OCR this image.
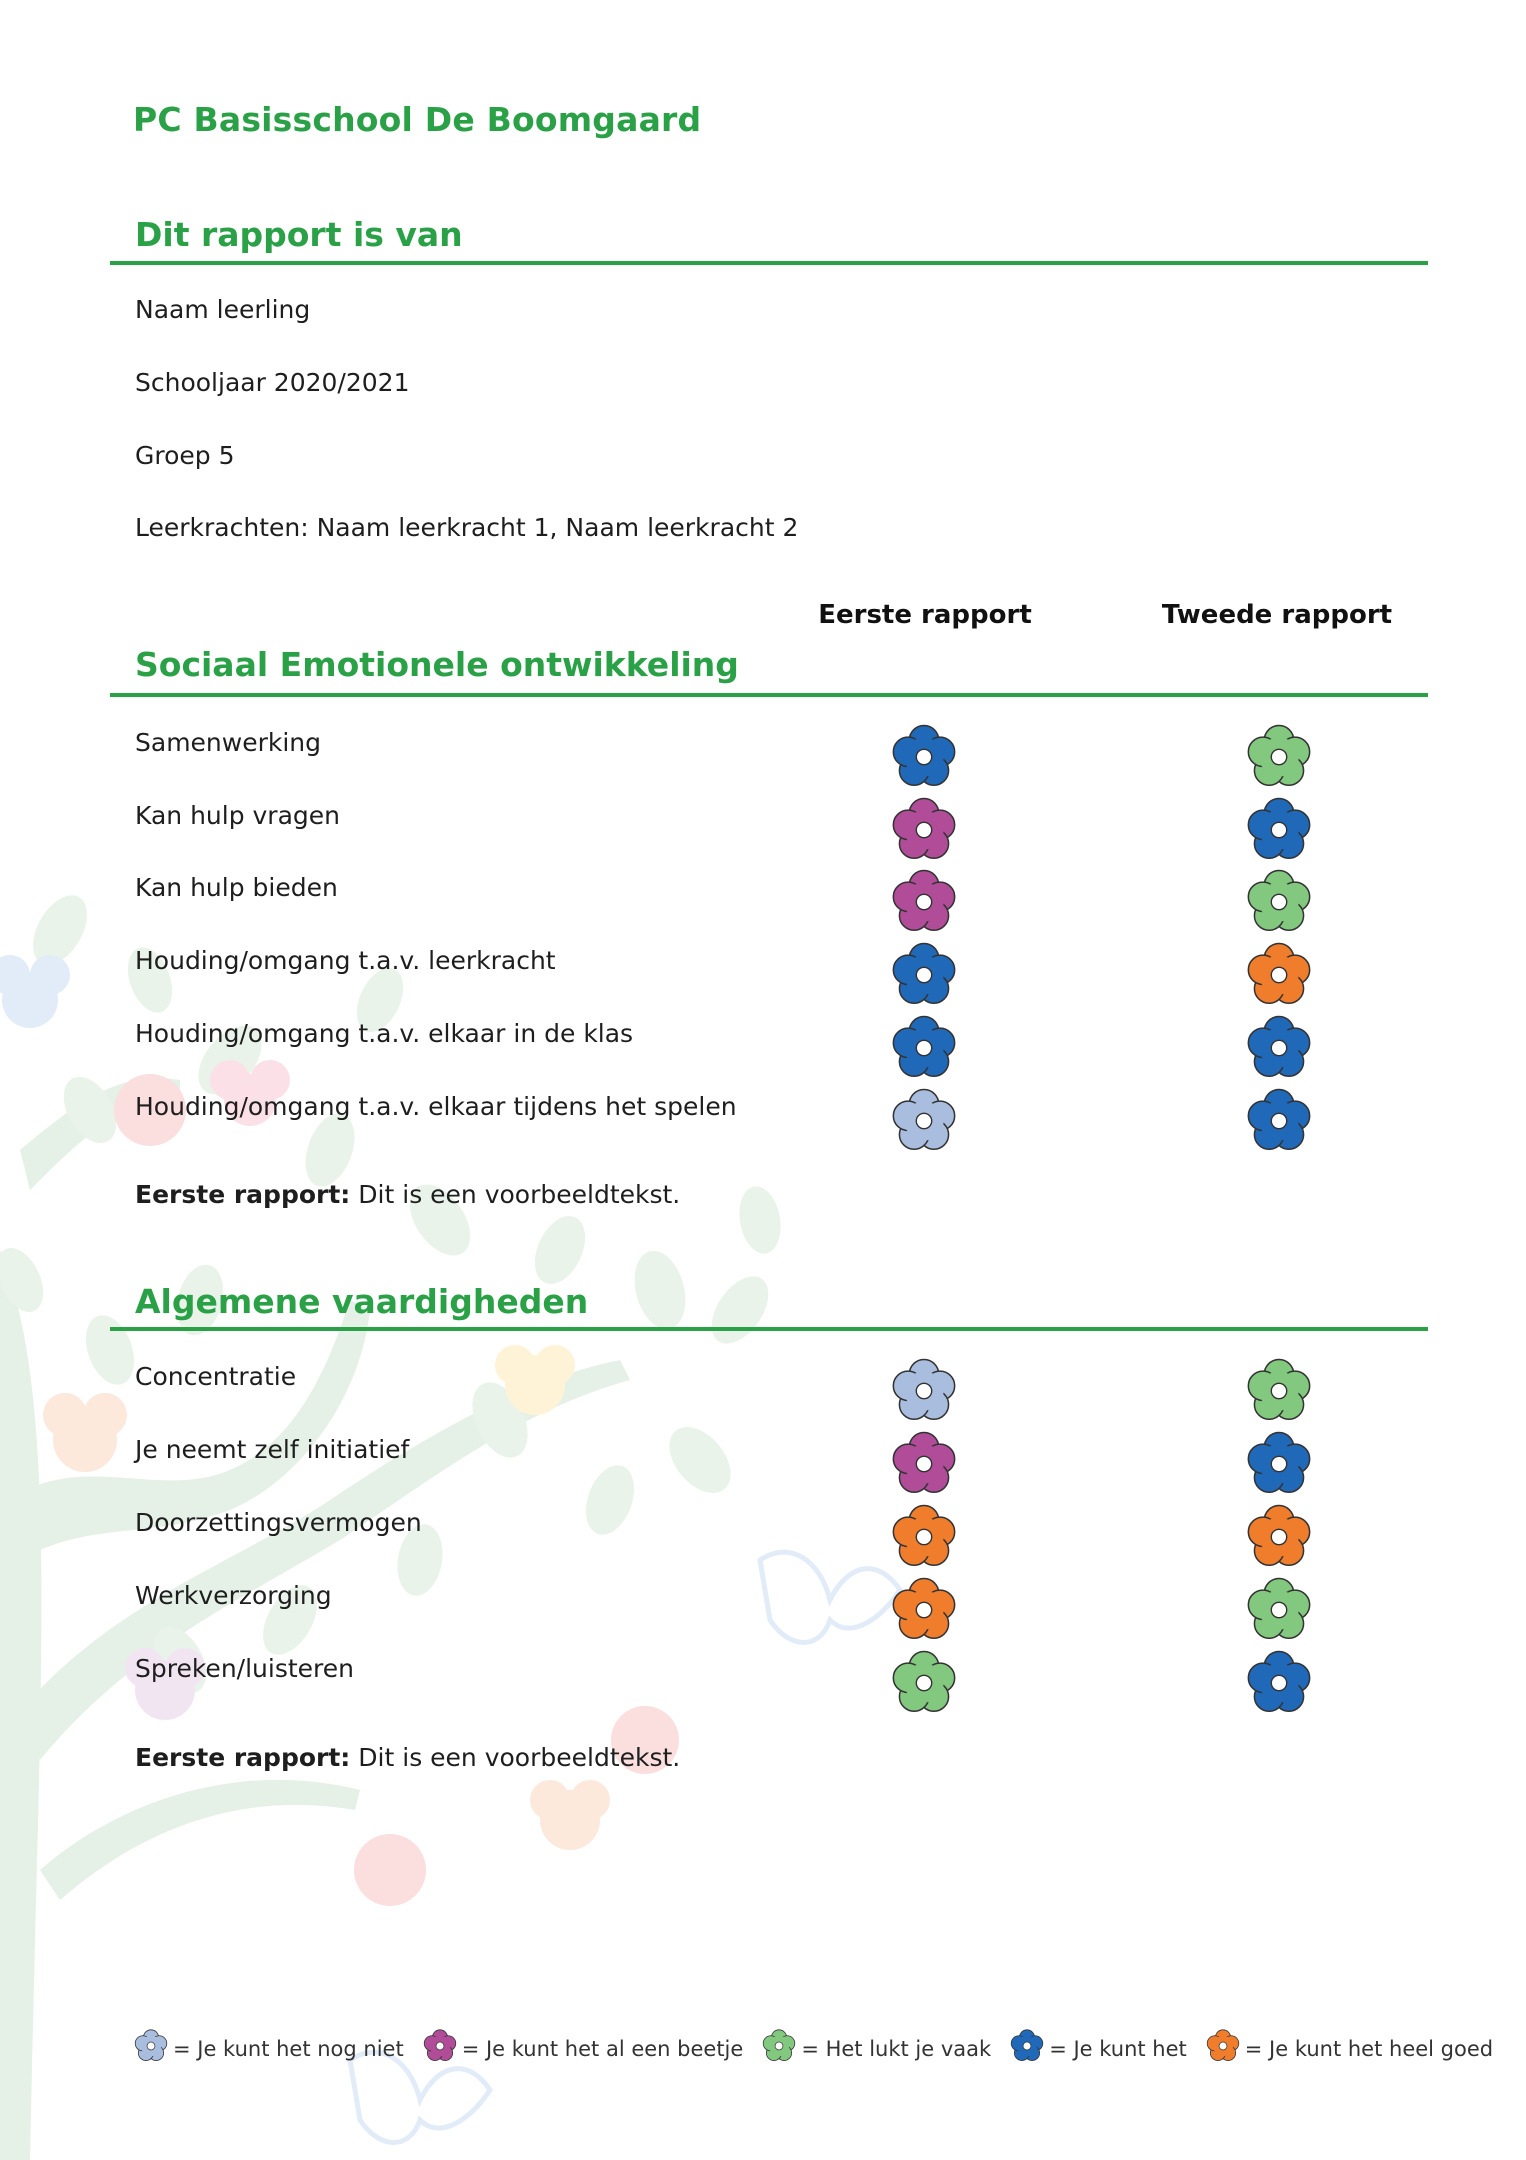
PC Basisschool De Boomgaard
Dit rapport is van
Naam leerling
Schooljaar 2020/2021
Groep 5
Leerkrachten: Naam leerkracht 1, Naam leerkracht 2
Eerste rapport	Tweede rapport
Sociaal Emotionele ontwikkeling
Samenwerking
Kan hulp vragen
Kan hulp bieden
Houding/omgang t.a.v. leerkracht
Houding/omgang t.a.v. elkaar in de klas
Houding/omgang t.a.v. elkaar tijdens het spelen
Eerste rapport: Dit is een voorbeeldtekst.
Algemene vaardigheden
Concentratie
Je neemt zelf initiatief
Doorzettingsvermogen
Werkverzorging
Spreken/luisteren
Eerste rapport: Dit is een voorbeeldtekst.
= Je kunt het nog niet	= Je kunt het al een beetje	= Het lukt je vaak	= Je kunt het	= Je kunt het heel goed
